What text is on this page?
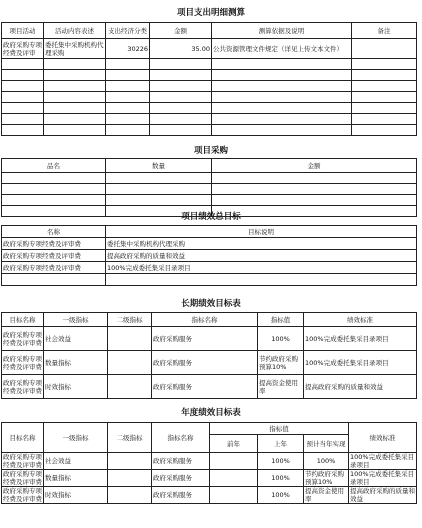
项目支出明细测算
项目活动	活动内容表述	支出经济分类	金额	测算依据及说明	备注
政府采购专项经费及评审	委托集中采购机构代理采购	30226	35.00	公共资源管理文件规定（详见上传文本文件）	

项目采购
品名	数量	金额

项目绩效总目标
名称	目标说明
政府采购专项经费及评审费	委托集中采购机构代理采购
政府采购专项经费及评审费	提高政府采购的质量和效益
政府采购专项经费及评审费	100%完成委托集采目录项目

长期绩效目标表
目标名称	一级指标	二级指标	指标名称	指标值	绩效标准
政府采购专项经费及评审费	社会效益		政府采购服务	100%	100%完成委托集采目录项目
政府采购专项经费及评审费	数量指标		政府采购服务	节约政府采购预算10%	100%完成委托集采目录项目
政府采购专项经费及评审费	时效指标		政府采购服务	提高资金使用率	提高政府采购的质量和效益
年度绩效目标表
目标名称	一级指标	二级指标	指标名称	指标值			绩效标准
				前年	上年	预计当年实现	
政府采购专项经费及评审费	社会效益		政府采购服务		100%	100%	100%完成委托集采目录项目
政府采购专项经费及评审费	数量指标		政府采购服务		100%	节约政府采购预算10%	100%完成委托集采目录项目
政府采购专项经费及评审费	时效指标		政府采购服务		100%	提高资金使用率	提高政府采购的质量和效益
